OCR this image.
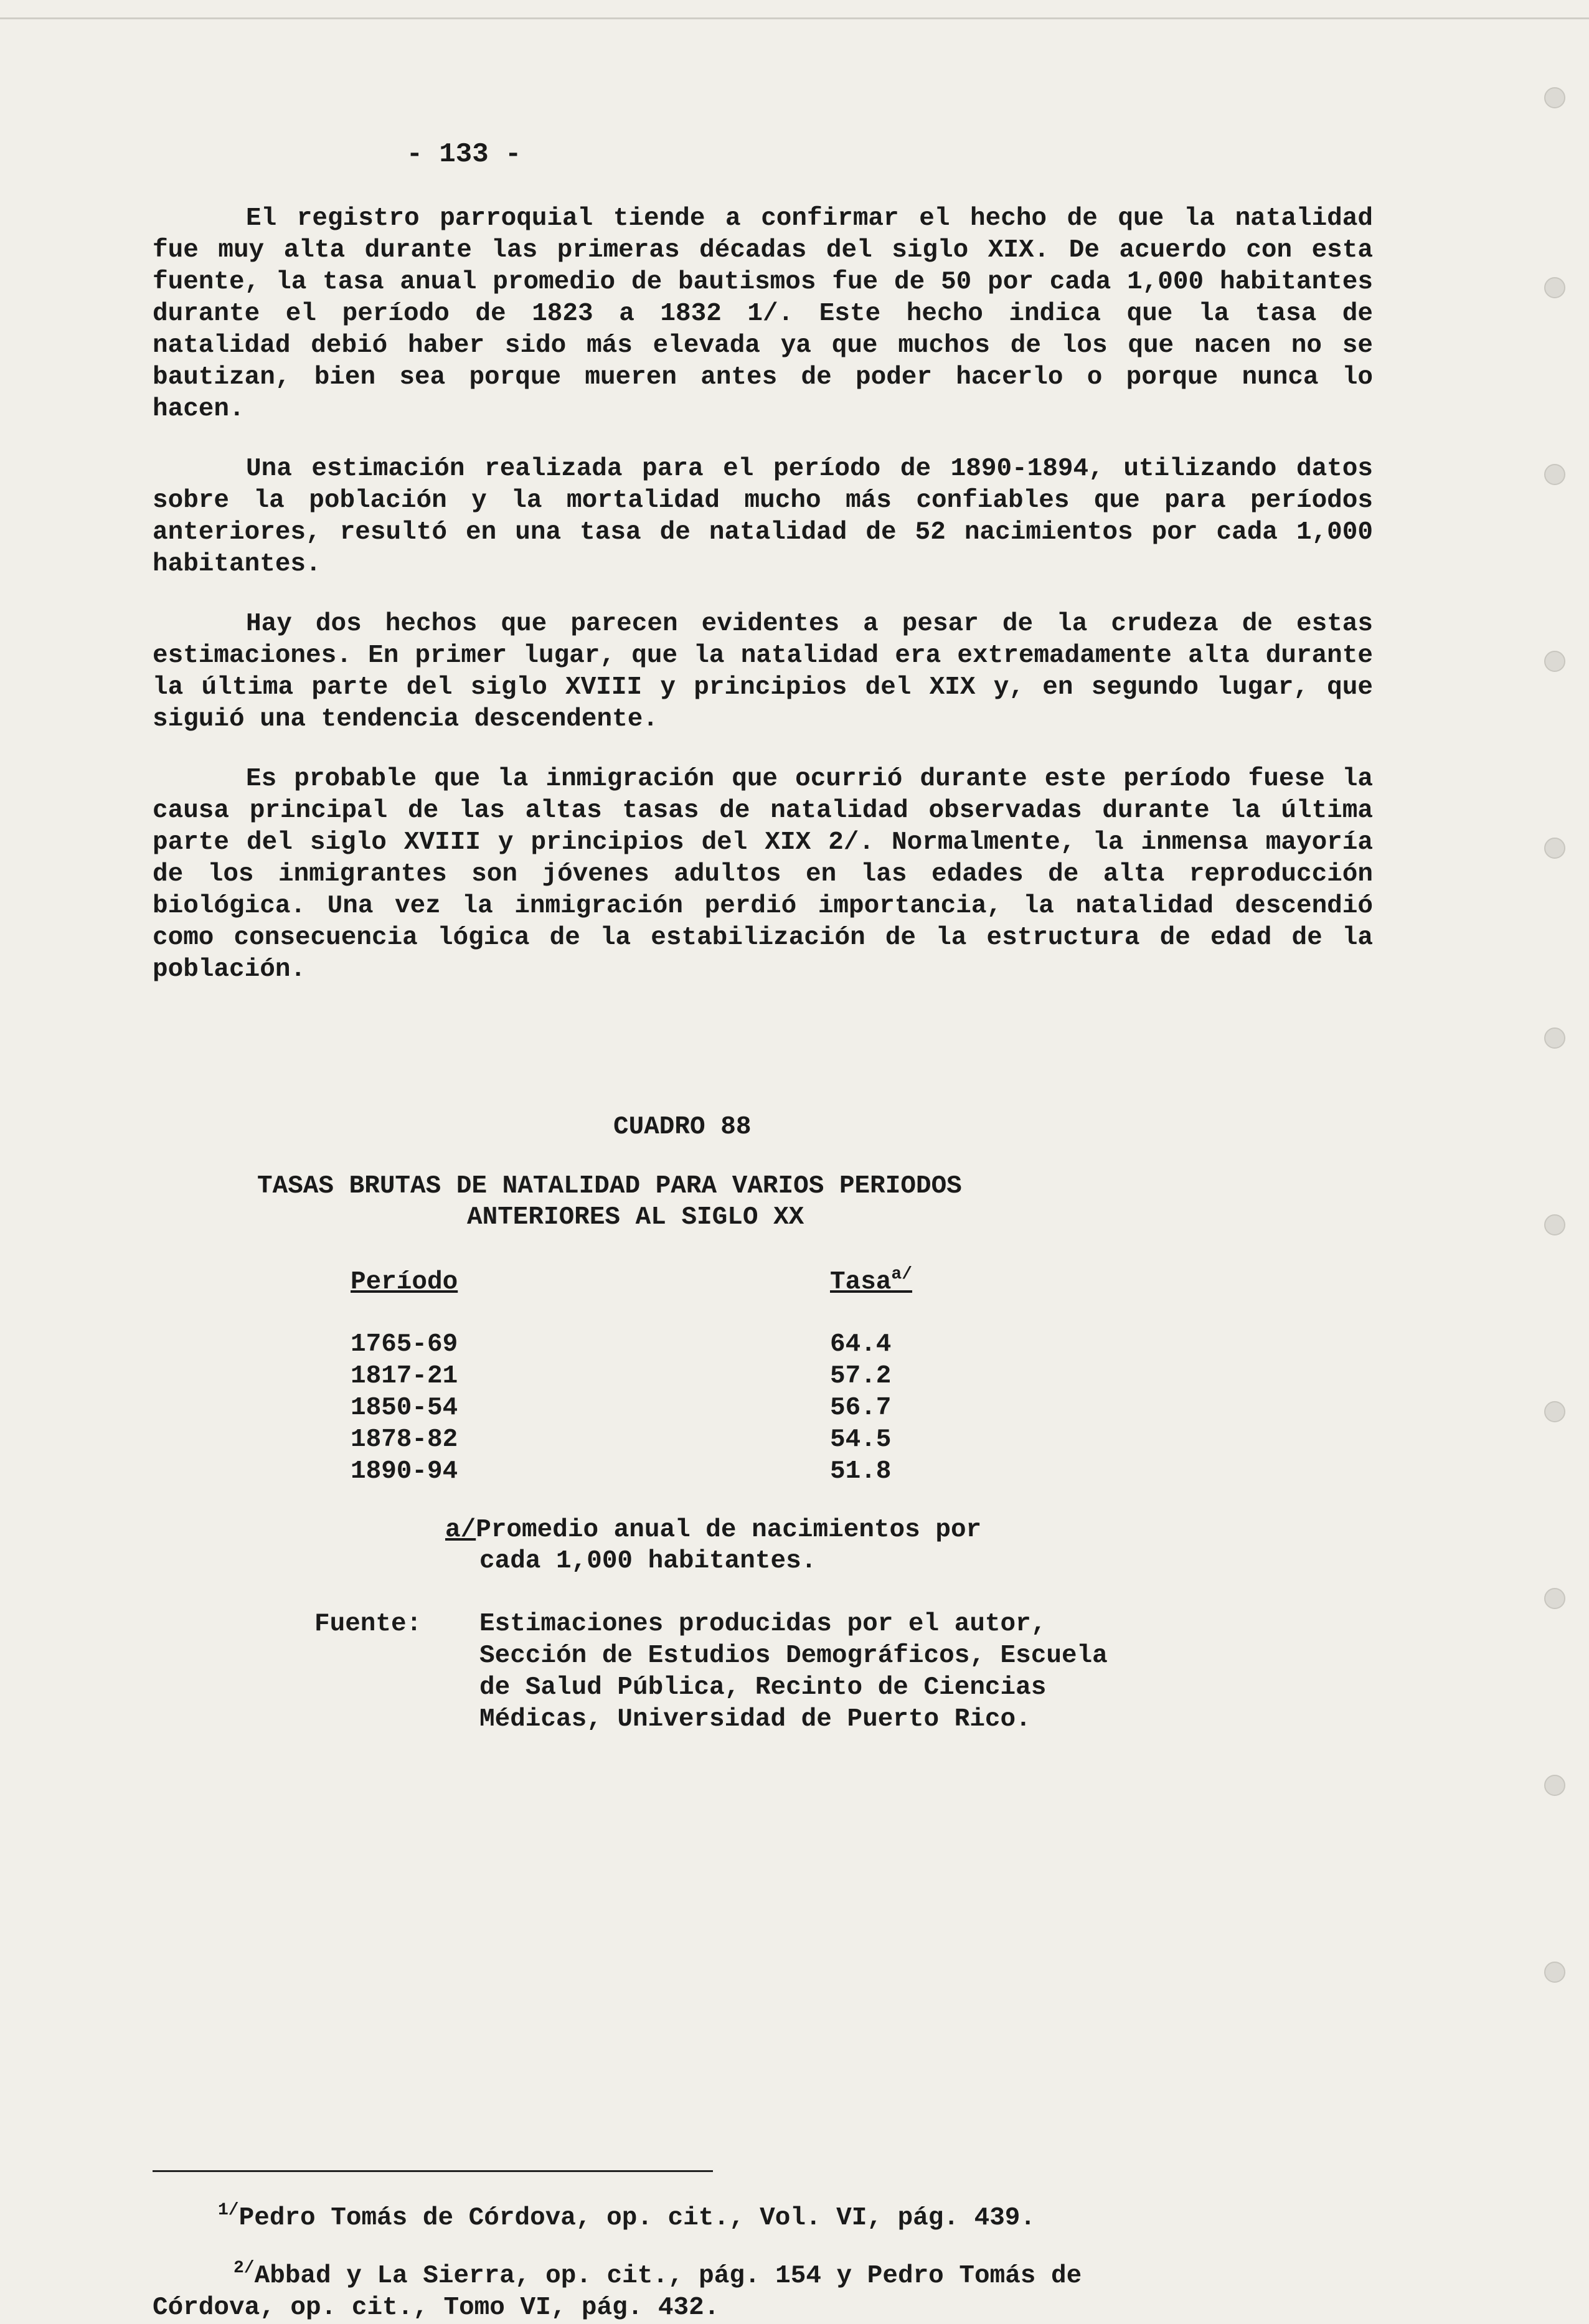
- 133 -

El registro parroquial tiende a confirmar el hecho de que la natalidad fue muy alta durante las primeras décadas del siglo XIX. De acuerdo con esta fuente, la tasa anual promedio de bautismos fue de 50 por cada 1,000 habitantes durante el período de 1823 a 1832 1/. Este hecho indica que la tasa de natalidad debió haber sido más elevada ya que muchos de los que nacen no se bautizan, bien sea porque mueren antes de poder hacerlo o porque nunca lo hacen.

Una estimación realizada para el período de 1890-1894, utilizando datos sobre la población y la mortalidad mucho más confiables que para períodos anteriores, resultó en una tasa de natalidad de 52 nacimientos por cada 1,000 habitantes.

Hay dos hechos que parecen evidentes a pesar de la crudeza de estas estimaciones. En primer lugar, que la natalidad era extremadamente alta durante la última parte del siglo XVIII y principios del XIX y, en segundo lugar, que siguió una tendencia descendente.

Es probable que la inmigración que ocurrió durante este período fuese la causa principal de las altas tasas de natalidad observadas durante la última parte del siglo XVIII y principios del XIX 2/. Normalmente, la inmensa mayoría de los inmigrantes son jóvenes adultos en las edades de alta reproducción biológica. Una vez la inmigración perdió importancia, la natalidad descendió como consecuencia lógica de la estabilización de la estructura de edad de la población.

CUADRO 88
TASAS BRUTAS DE NATALIDAD PARA VARIOS PERIODOS
ANTERIORES AL SIGLO XX
Período	Tasa$^{a/}$
1765-69	64.4
1817-21	57.2
1850-54	56.7
1878-82	54.5
1890-94	51.8
a/Promedio anual de nacimientos por
cada 1,000 habitantes.
Fuente: Estimaciones producidas por el autor,
Sección de Estudios Demográficos, Escuela
de Salud Pública, Recinto de Ciencias
Médicas, Universidad de Puerto Rico.
$^{1/}$Pedro Tomás de Córdova, op. cit., Vol. VI, pág. 439.
$^{2/}$Abbad y La Sierra, op. cit., pág. 154 y Pedro Tomás de
Córdova, op. cit., Tomo VI, pág. 432.
